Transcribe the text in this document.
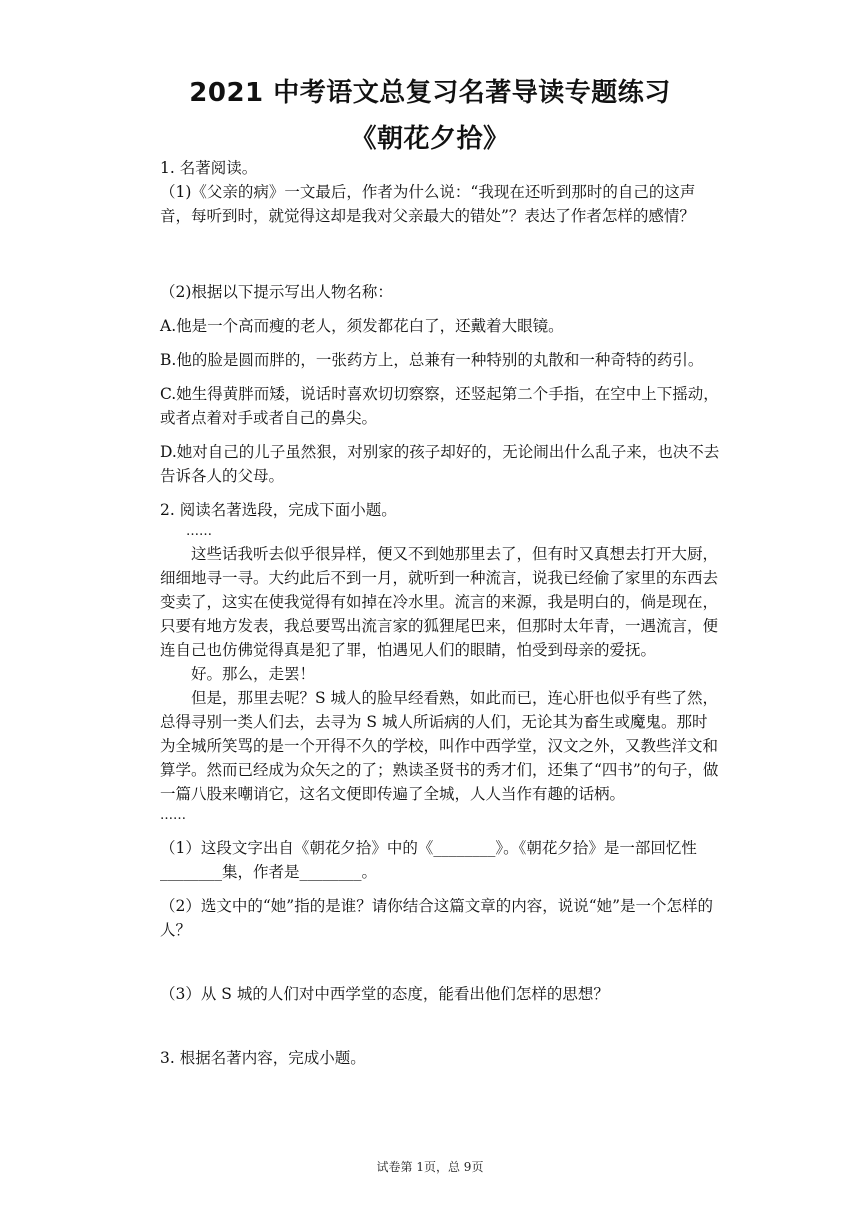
2021 中考语文总复习名著导读专题练习
《朝花夕拾》

1. 名著阅读。

（1)《父亲的病》一文最后，作者为什么说：“我现在还听到那时的自己的这声音，每听到时，就觉得这却是我对父亲最大的错处”？表达了作者怎样的感情？

（2)根据以下提示写出人物名称：

A.他是一个高而瘦的老人，须发都花白了，还戴着大眼镜。

B.他的脸是圆而胖的，一张药方上，总兼有一种特别的丸散和一种奇特的药引。

C.她生得黄胖而矮，说话时喜欢切切察察，还竖起第二个手指，在空中上下摇动，或者点着对手或者自己的鼻尖。

D.她对自己的儿子虽然狠，对别家的孩子却好的，无论闹出什么乱子来，也决不去告诉各人的父母。

2. 阅读名著选段，完成下面小题。

……

这些话我听去似乎很异样，便又不到她那里去了，但有时又真想去打开大厨，细细地寻一寻。大约此后不到一月，就听到一种流言，说我已经偷了家里的东西去变卖了，这实在使我觉得有如掉在冷水里。流言的来源，我是明白的，倘是现在，只要有地方发表，我总要骂出流言家的狐狸尾巴来，但那时太年青，一遇流言，便连自己也仿佛觉得真是犯了罪，怕遇见人们的眼睛，怕受到母亲的爱抚。

好。那么，走罢！

但是，那里去呢？S 城人的脸早经看熟，如此而已，连心肝也似乎有些了然，总得寻别一类人们去，去寻为 S 城人所诟病的人们，无论其为畜生或魔鬼。那时为全城所笑骂的是一个开得不久的学校，叫作中西学堂，汉文之外，又教些洋文和算学。然而已经成为众矢之的了；熟读圣贤书的秀才们，还集了“四书”的句子，做一篇八股来嘲诮它，这名文便即传遍了全城，人人当作有趣的话柄。

……

（1）这段文字出自《朝花夕拾》中的《________》。《朝花夕拾》是一部回忆性________集，作者是________。

（2）选文中的“她”指的是谁？请你结合这篇文章的内容，说说“她”是一个怎样的人？

（3）从 S 城的人们对中西学堂的态度，能看出他们怎样的思想？

3. 根据名著内容，完成小题。

试卷第 1页，总 9页
